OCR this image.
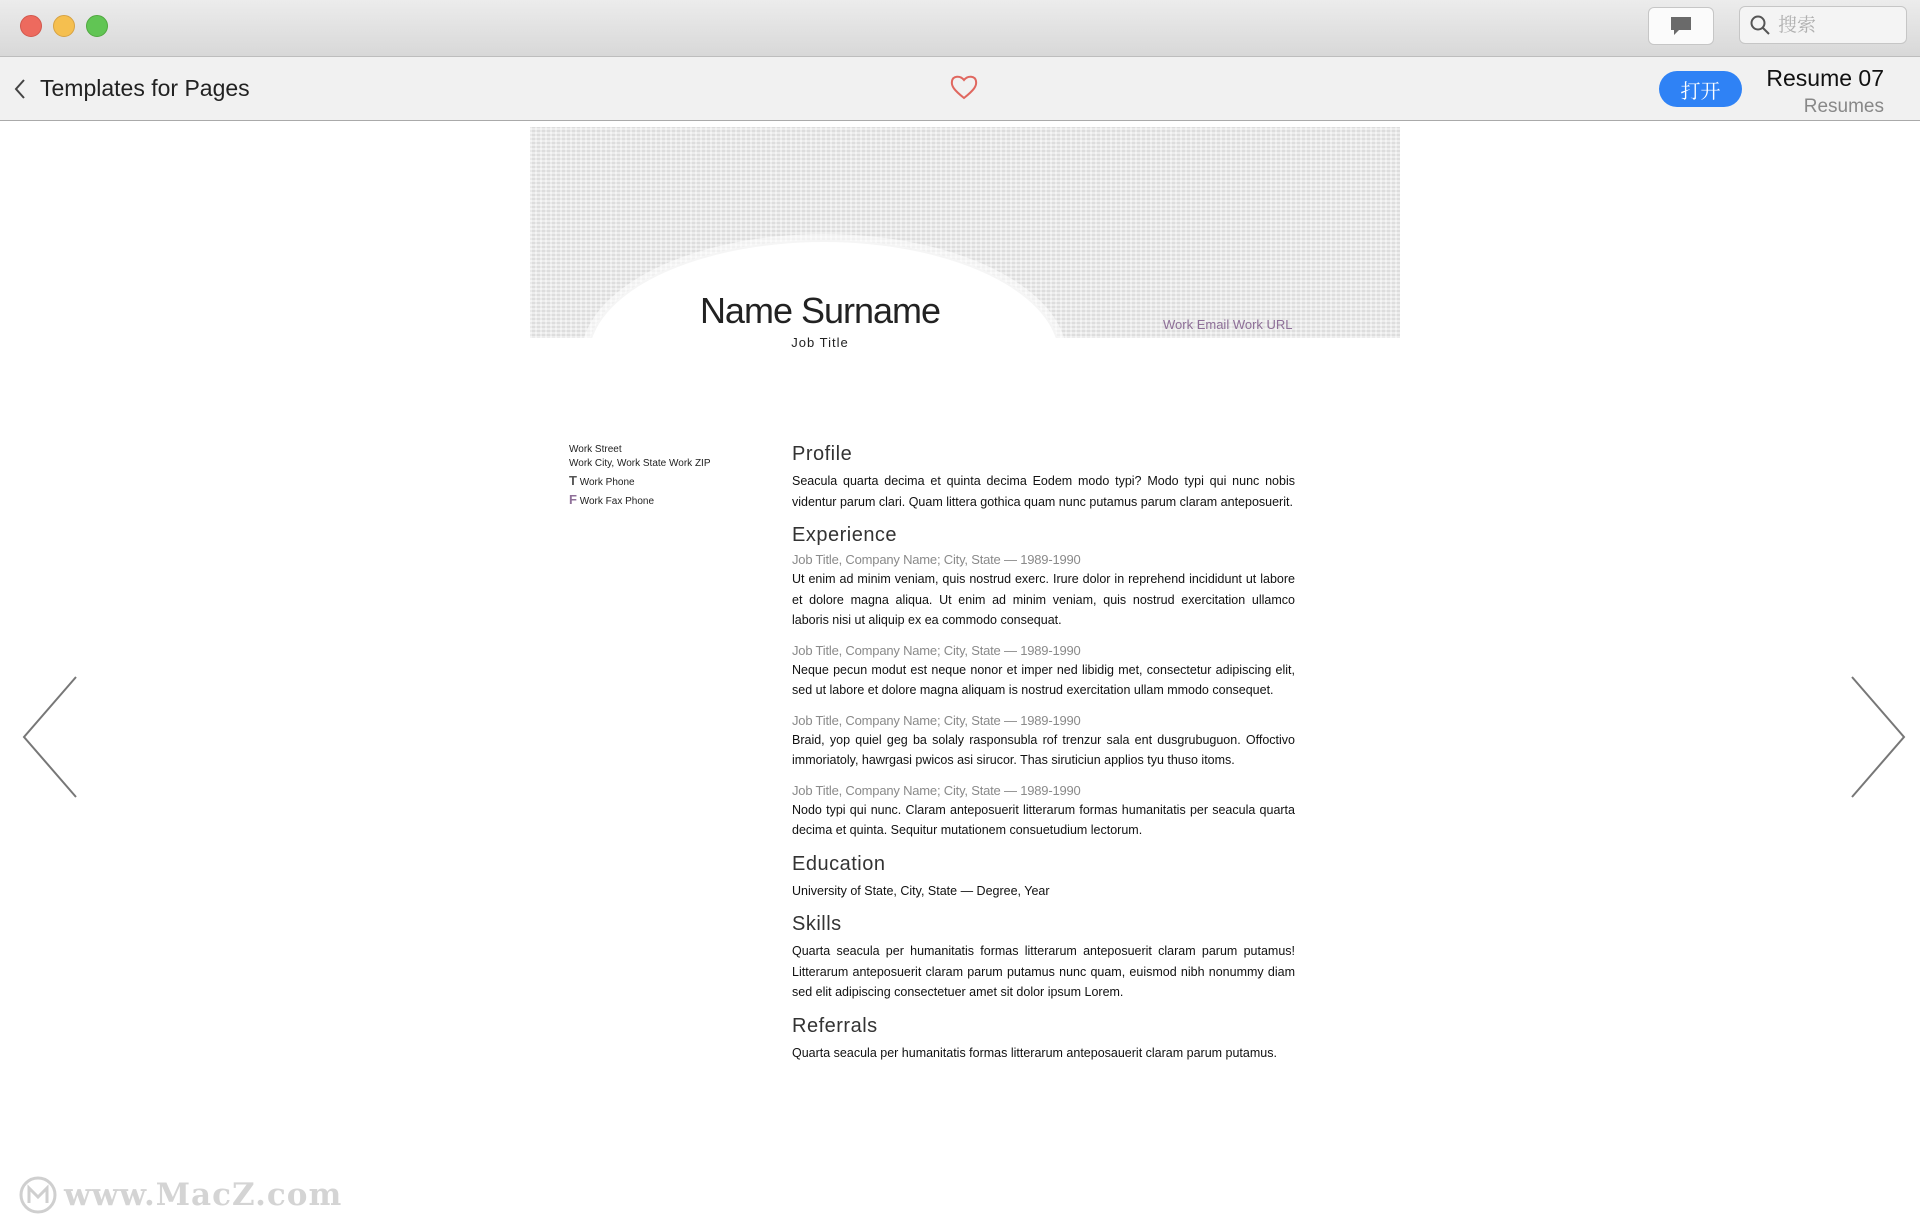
搜索
Templates for Pages	打开	Resume 07
Resumes
Name Surname
Job Title
Work Email Work URL
Work Street
Work City, Work State Work ZIP
T Work Phone
F Work Fax Phone
Profile

Seacula quarta decima et quinta decima Eodem modo typi? Modo typi qui nunc nobis videntur parum clari. Quam littera gothica quam nunc putamus parum claram anteposuerit.

Experience
Job Title, Company Name; City, State — 1989-1990

Ut enim ad minim veniam, quis nostrud exerc. Irure dolor in reprehend incididunt ut labore et dolore magna aliqua. Ut enim ad minim veniam, quis nostrud exercitation ullamco laboris nisi ut aliquip ex ea commodo consequat.

Job Title, Company Name; City, State — 1989-1990

Neque pecun modut est neque nonor et imper ned libidig met, consectetur adipiscing elit, sed ut labore et dolore magna aliquam is nostrud exercitation ullam mmodo consequet.

Job Title, Company Name; City, State — 1989-1990

Braid, yop quiel geg ba solaly rasponsubla rof trenzur sala ent dusgrubuguon. Offoctivo immoriatoly, hawrgasi pwicos asi sirucor. Thas siruticiun applios tyu thuso itoms.

Job Title, Company Name; City, State — 1989-1990

Nodo typi qui nunc. Claram anteposuerit litterarum formas humanitatis per seacula quarta decima et quinta. Sequitur mutationem consuetudium lectorum.

Education

University of State, City, State — Degree, Year

Skills

Quarta seacula per humanitatis formas litterarum anteposuerit claram parum putamus! Litterarum anteposuerit claram parum putamus nunc quam, euismod nibh nonummy diam sed elit adipiscing consectetuer amet sit dolor ipsum Lorem.

Referrals

Quarta seacula per humanitatis formas litterarum anteposauerit claram parum putamus.

www.MacZ.com
